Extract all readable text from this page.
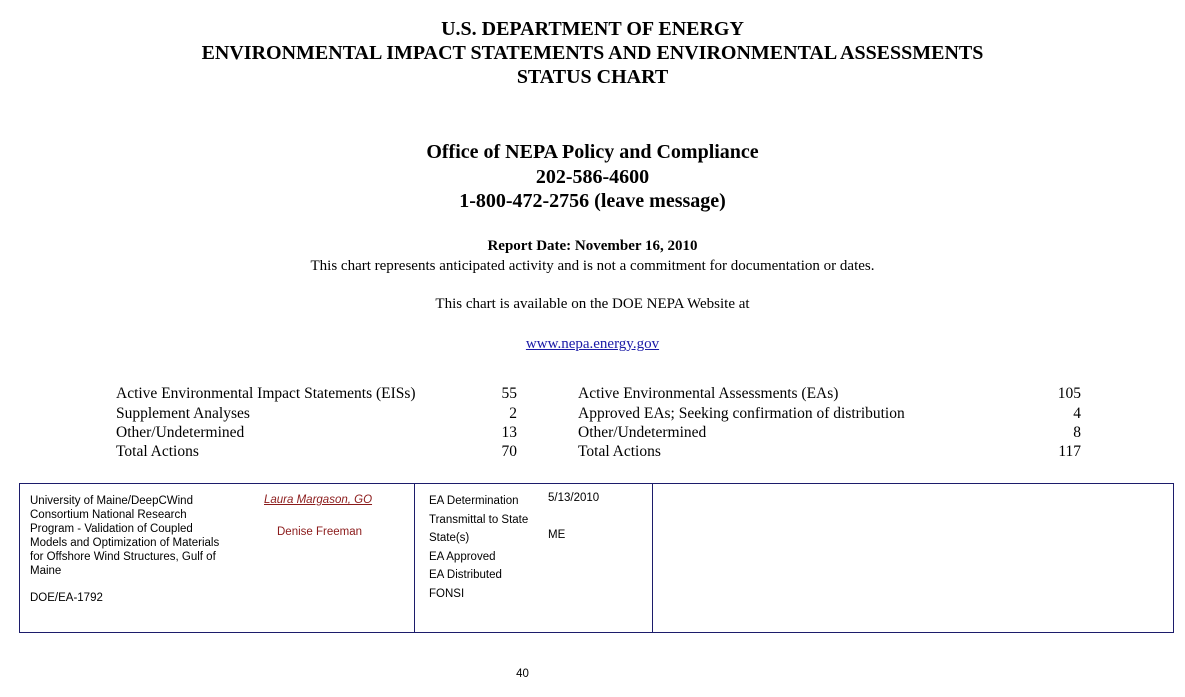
U.S. DEPARTMENT OF ENERGY
ENVIRONMENTAL IMPACT STATEMENTS AND ENVIRONMENTAL ASSESSMENTS
STATUS CHART
Office of NEPA Policy and Compliance
202-586-4600
1-800-472-2756 (leave message)
Report Date: November 16, 2010
This chart represents anticipated activity and is not a commitment for documentation or dates.
This chart is available on the DOE NEPA Website at
www.nepa.energy.gov
Active Environmental Impact Statements (EISs)	55
Supplement Analyses	2
Other/Undetermined	13
Total Actions	70
Active Environmental Assessments (EAs)	105
Approved EAs; Seeking confirmation of distribution	4
Other/Undetermined	8
Total Actions	117
University of Maine/DeepCWind Consortium National Research Program - Validation of Coupled Models and Optimization of Materials for Offshore Wind Structures, Gulf of Maine
DOE/EA-1792
Laura Margason, GO
Denise Freeman
EA Determination	5/13/2010
Transmittal to State
State(s)	ME
EA Approved
EA Distributed
FONSI
40
